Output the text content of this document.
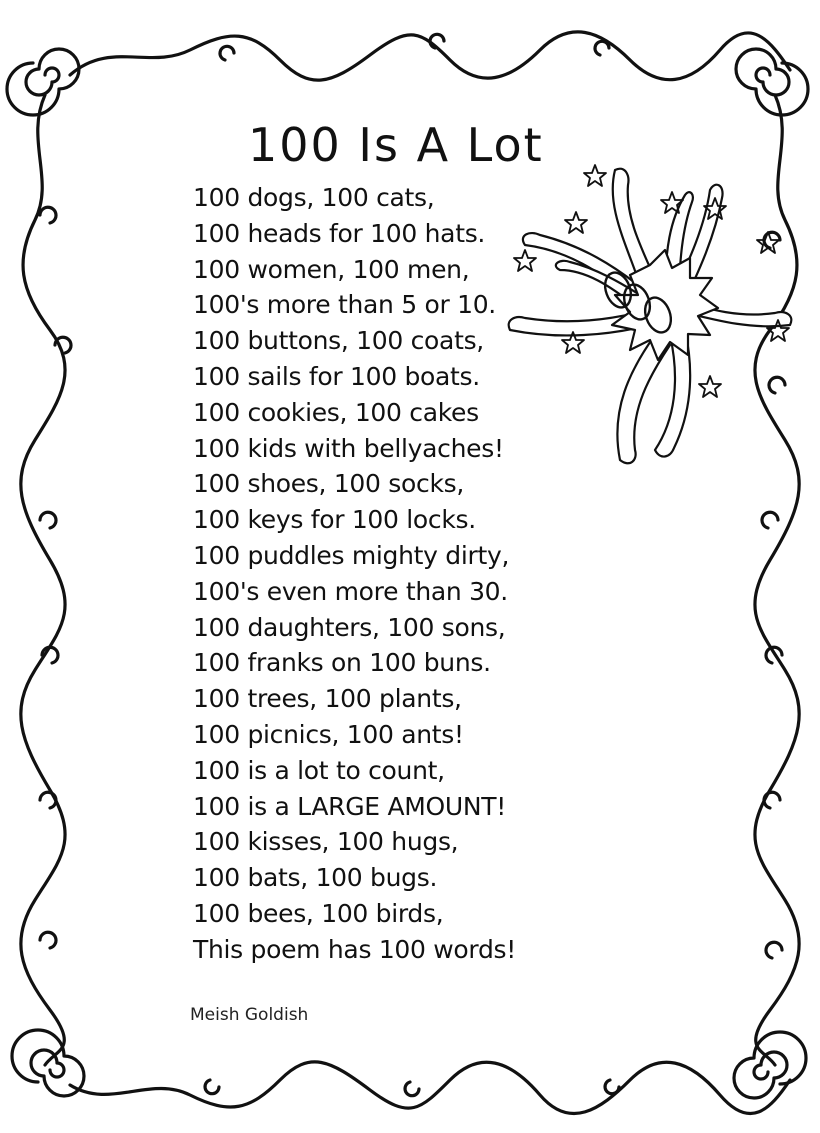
100 Is A Lot
100 dogs, 100 cats,
100 heads for 100 hats.
100 women, 100 men,
100's more than 5 or 10.
100 buttons, 100 coats,
100 sails for 100 boats.
100 cookies, 100 cakes
100 kids with bellyaches!
100 shoes, 100 socks,
100 keys for 100 locks.
100 puddles mighty dirty,
100's even more than 30.
100 daughters, 100 sons,
100 franks on 100 buns.
100 trees, 100 plants,
100 picnics, 100 ants!
100 is a lot to count,
100 is a LARGE AMOUNT!
100 kisses, 100 hugs,
100 bats, 100 bugs.
100 bees, 100 birds,
This poem has 100 words!
Meish Goldish
